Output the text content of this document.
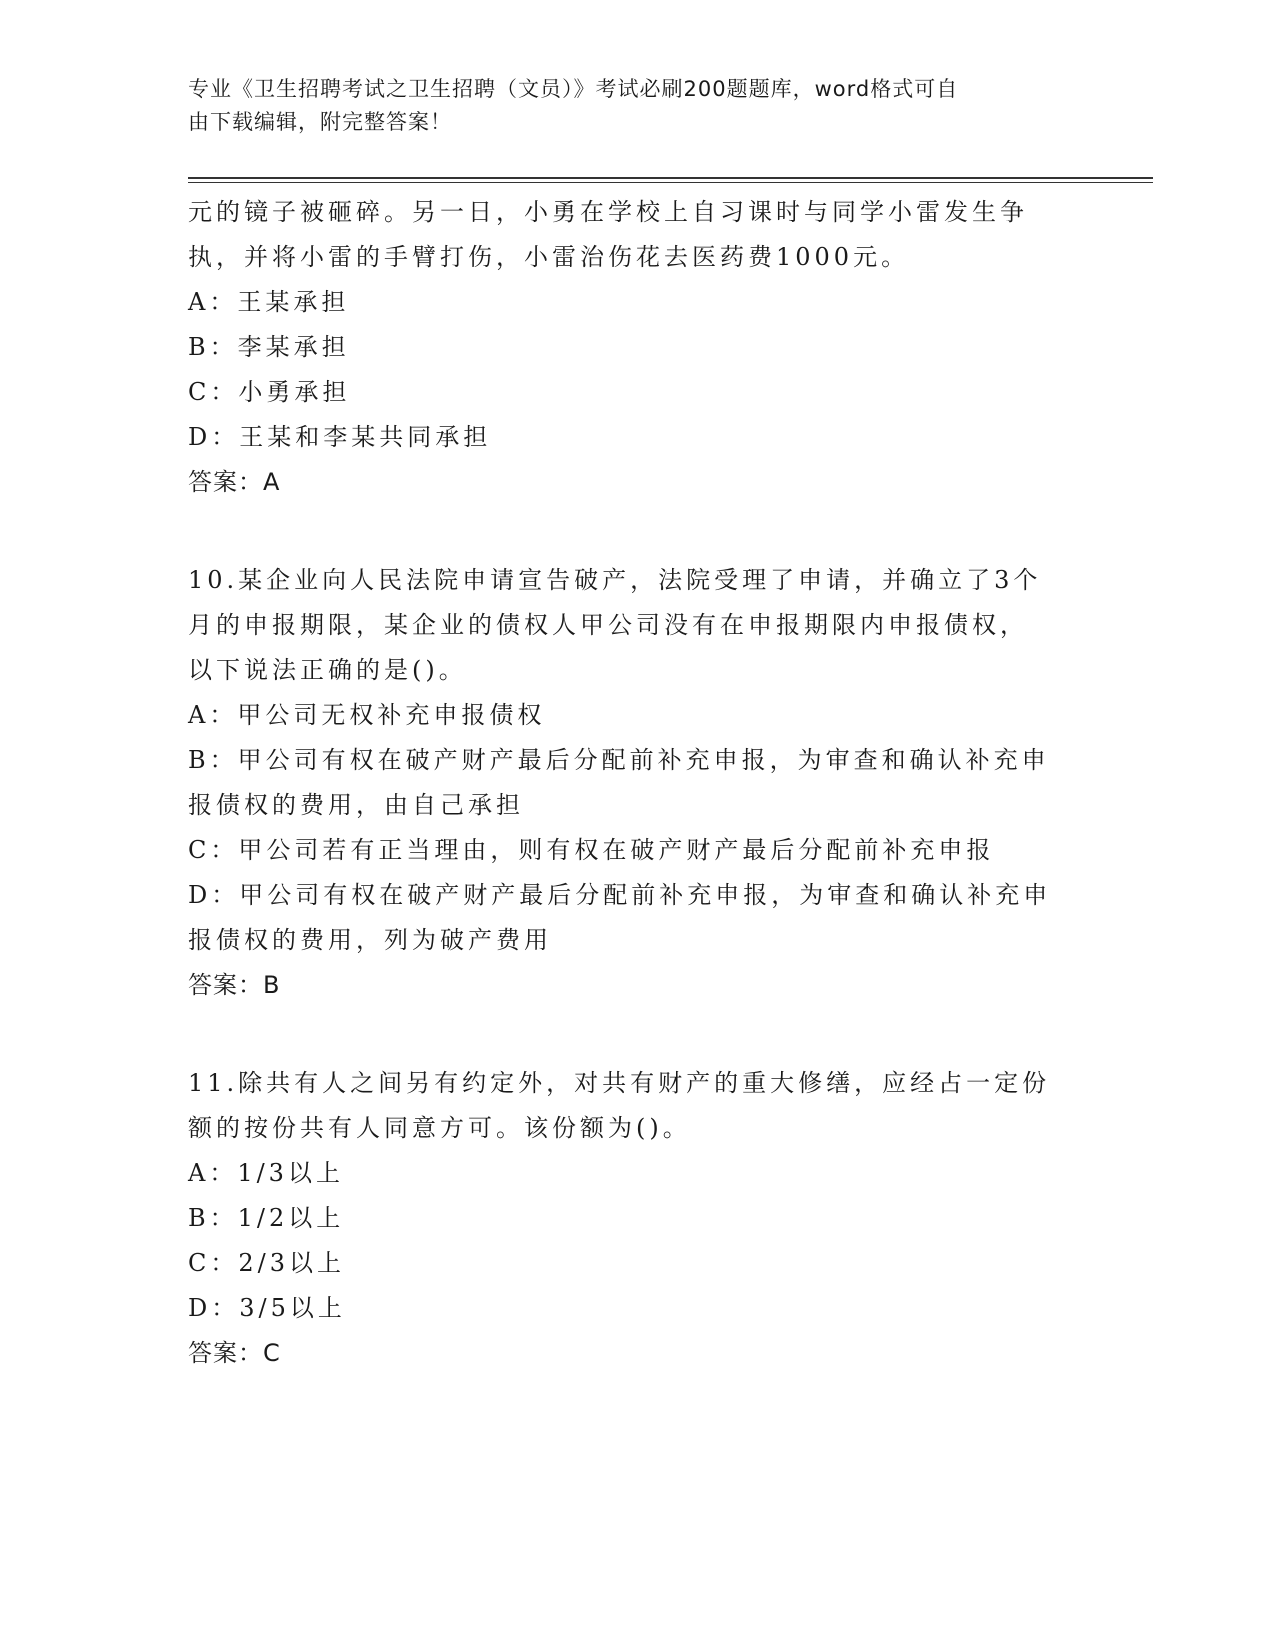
专业《卫生招聘考试之卫生招聘（文员）》考试必刷200题题库，word格式可自
由下载编辑，附完整答案！

元的镜子被砸碎。另一日，小勇在学校上自习课时与同学小雷发生争

执，并将小雷的手臂打伤，小雷治伤花去医药费1000元。

A：王某承担

B：李某承担

C：小勇承担

D：王某和李某共同承担

答案：A

10.某企业向人民法院申请宣告破产，法院受理了申请，并确立了3个

月的申报期限，某企业的债权人甲公司没有在申报期限内申报债权，

以下说法正确的是()。

A：甲公司无权补充申报债权

B：甲公司有权在破产财产最后分配前补充申报，为审查和确认补充申

报债权的费用，由自己承担

C：甲公司若有正当理由，则有权在破产财产最后分配前补充申报

D：甲公司有权在破产财产最后分配前补充申报，为审查和确认补充申

报债权的费用，列为破产费用

答案：B

11.除共有人之间另有约定外，对共有财产的重大修缮，应经占一定份

额的按份共有人同意方可。该份额为()。

A：1/3以上

B：1/2以上

C：2/3以上

D：3/5以上

答案：C
